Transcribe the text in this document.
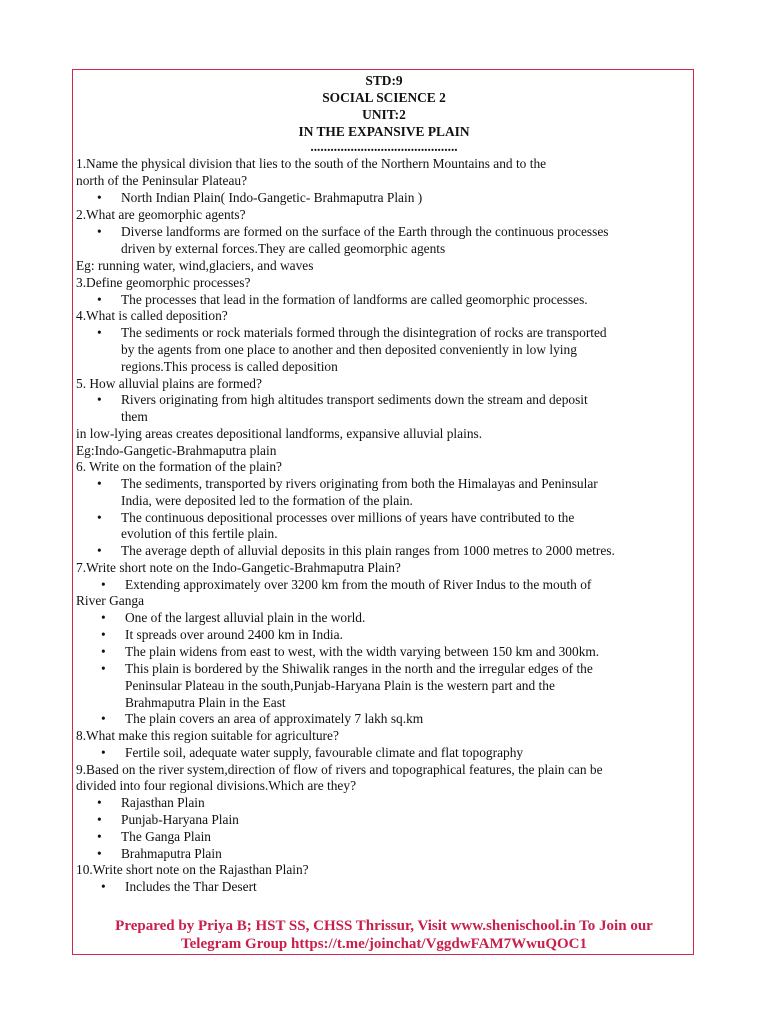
STD:9
SOCIAL SCIENCE 2
UNIT:2
IN THE EXPANSIVE PLAIN
............................................
1.Name the physical division that lies to the south of the Northern Mountains and to the
north of the Peninsular Plateau?
• North Indian Plain( Indo-Gangetic- Brahmaputra Plain )
2.What are geomorphic agents?
• Diverse landforms are formed on the surface of the Earth through the continuous processes
driven by external forces.They are called geomorphic agents
Eg: running water, wind,glaciers, and waves
3.Define geomorphic processes?
• The processes that lead in the formation of landforms are called geomorphic processes.
4.What is called deposition?
• The sediments or rock materials formed through the disintegration of rocks are transported
by the agents from one place to another and then deposited conveniently in low lying
regions.This process is called deposition
5. How alluvial plains are formed?
• Rivers originating from high altitudes transport sediments down the stream and deposit
them
in low-lying areas creates depositional landforms, expansive alluvial plains.
Eg:Indo-Gangetic-Brahmaputra plain
6. Write on the formation of the plain?
• The sediments, transported by rivers originating from both the Himalayas and Peninsular
India, were deposited led to the formation of the plain.
• The continuous depositional processes over millions of years have contributed to the
evolution of this fertile plain.
• The average depth of alluvial deposits in this plain ranges from 1000 metres to 2000 metres.
7.Write short note on the Indo-Gangetic-Brahmaputra Plain?
• Extending approximately over 3200 km from the mouth of River Indus to the mouth of
River Ganga
• One of the largest alluvial plain in the world.
• It spreads over around 2400 km in India.
• The plain widens from east to west, with the width varying between 150 km and 300km.
• This plain is bordered by the Shiwalik ranges in the north and the irregular edges of the
Peninsular Plateau in the south,Punjab-Haryana Plain is the western part and the
Brahmaputra Plain in the East
• The plain covers an area of approximately 7 lakh sq.km
8.What make this region suitable for agriculture?
• Fertile soil, adequate water supply, favourable climate and flat topography
9.Based on the river system,direction of flow of rivers and topographical features, the plain can be
divided into four regional divisions.Which are they?
• Rajasthan Plain
• Punjab-Haryana Plain
• The Ganga Plain
• Brahmaputra Plain
10.Write short note on the Rajasthan Plain?
• Includes the Thar Desert
Prepared by Priya B; HST SS, CHSS Thrissur, Visit www.shenischool.in To Join our
Telegram Group https://t.me/joinchat/VggdwFAM7WwuQOC1
